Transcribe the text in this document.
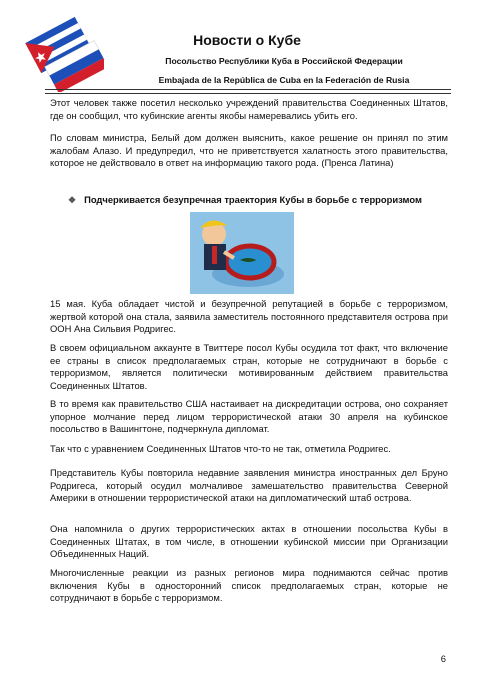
Новости о Кубе
Посольство Республики Куба в Российской Федерации
Embajada de la República de Cuba en la Federación de Rusia

Этот человек также посетил несколько учреждений правительства Соединенных Штатов, где он сообщил, что кубинские агенты якобы намеревались убить его.

По словам министра, Белый дом должен выяснить, какое решение он принял по этим жалобам Алазо. И предупредил, что не приветствуется халатность этого правительства, которое не действовало в ответ на информацию такого рода. (Пренса Латина)

❖ Подчеркивается безупречная траектория Кубы в борьбе с терроризмом

15 мая. Куба обладает чистой и безупречной репутацией в борьбе с терроризмом, жертвой которой она стала, заявила заместитель постоянного представителя острова при ООН Ана Сильвия Родригес.

В своем официальном аккаунте в Твиттере посол Кубы осудила тот факт, что включение ее страны в список предполагаемых стран, которые не сотрудничают в борьбе с терроризмом, является политически мотивированным действием правительства Соединенных Штатов.

В то время как правительство США настаивает на дискредитации острова, оно сохраняет упорное молчание перед лицом террористической атаки 30 апреля на кубинское посольство в Вашингтоне, подчеркнула дипломат.

Так что с уравнением Соединенных Штатов что-то не так, отметила Родригес.

Представитель Кубы повторила недавние заявления министра иностранных дел Бруно Родригеса, который осудил молчаливое замешательство правительства Северной Америки в отношении террористической атаки на дипломатический штаб острова.

Она напомнила о других террористических актах в отношении посольства Кубы в Соединенных Штатах, в том числе, в отношении кубинской миссии при Организации Объединенных Наций.

Многочисленные реакции из разных регионов мира поднимаются сейчас против включения Кубы в односторонний список предполагаемых стран, которые не сотрудничают в борьбе с терроризмом.

6
